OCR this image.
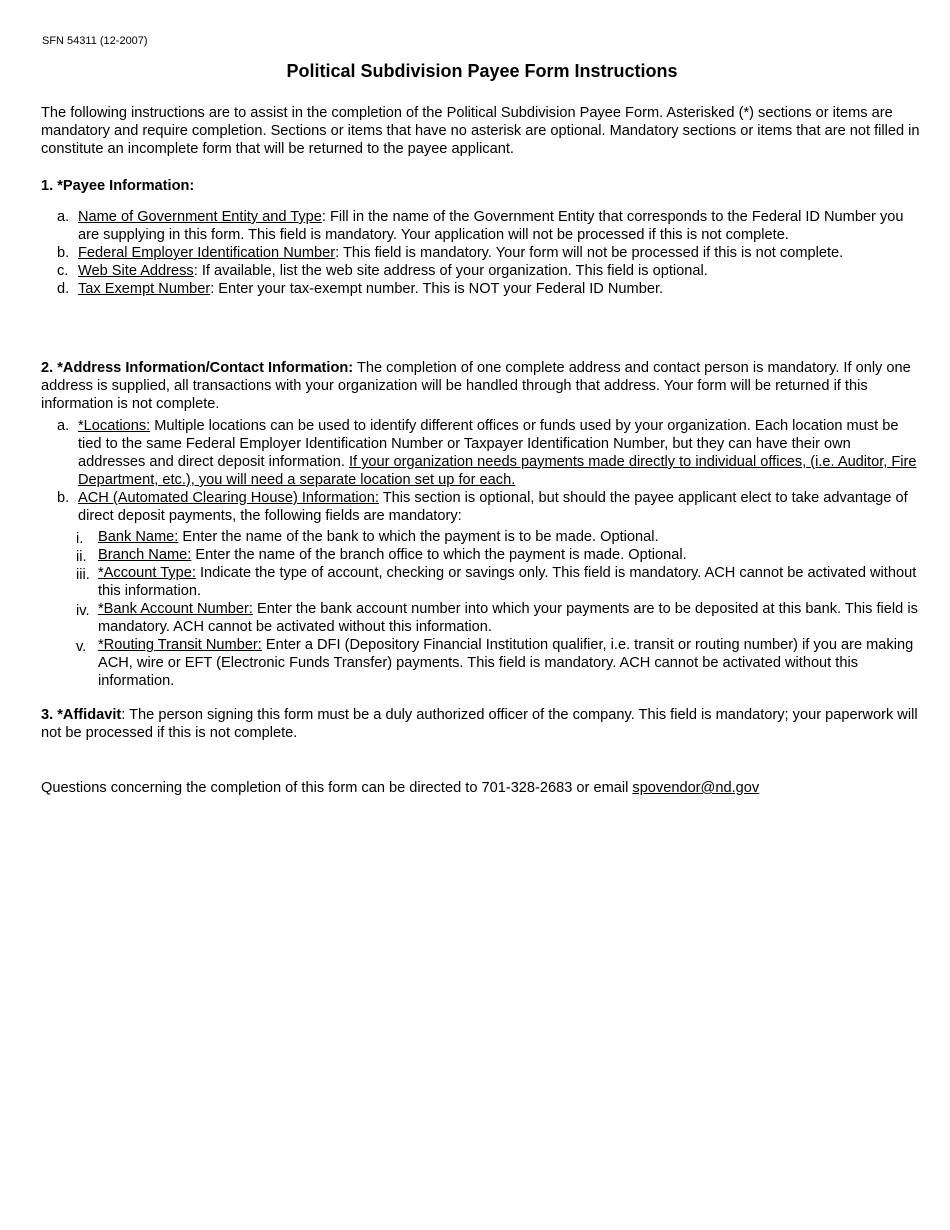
SFN 54311 (12-2007)
Political Subdivision Payee Form Instructions
The following instructions are to assist in the completion of the Political Subdivision Payee Form. Asterisked (*) sections or items are mandatory and require completion. Sections or items that have no asterisk are optional. Mandatory sections or items that are not filled in constitute an incomplete form that will be returned to the payee applicant.
1. *Payee Information:
a. Name of Government Entity and Type: Fill in the name of the Government Entity that corresponds to the Federal ID Number you are supplying in this form. This field is mandatory. Your application will not be processed if this is not complete.
b. Federal Employer Identification Number: This field is mandatory. Your form will not be processed if this is not complete.
c. Web Site Address: If available, list the web site address of your organization. This field is optional.
d. Tax Exempt Number: Enter your tax-exempt number. This is NOT your Federal ID Number.
2. *Address Information/Contact Information: The completion of one complete address and contact person is mandatory. If only one address is supplied, all transactions with your organization will be handled through that address. Your form will be returned if this information is not complete.
a. *Locations: Multiple locations can be used to identify different offices or funds used by your organization. Each location must be tied to the same Federal Employer Identification Number or Taxpayer Identification Number, but they can have their own addresses and direct deposit information. If your organization needs payments made directly to individual offices, (i.e. Auditor, Fire Department, etc.), you will need a separate location set up for each.
b. ACH (Automated Clearing House) Information: This section is optional, but should the payee applicant elect to take advantage of direct deposit payments, the following fields are mandatory:
i.	Bank Name: Enter the name of the bank to which the payment is to be made. Optional.
ii. Branch Name: Enter the name of the branch office to which the payment is made. Optional.
iii. *Account Type: Indicate the type of account, checking or savings only. This field is mandatory. ACH cannot be activated without this information.
iv. *Bank Account Number: Enter the bank account number into which your payments are to be deposited at this bank. This field is mandatory. ACH cannot be activated without this information.
v. *Routing Transit Number: Enter a DFI (Depository Financial Institution qualifier, i.e. transit or routing number) if you are making ACH, wire or EFT (Electronic Funds Transfer) payments. This field is mandatory. ACH cannot be activated without this information.
3. *Affidavit: The person signing this form must be a duly authorized officer of the company. This field is mandatory; your paperwork will not be processed if this is not complete.
Questions concerning the completion of this form can be directed to 701-328-2683 or email spovendor@nd.gov
